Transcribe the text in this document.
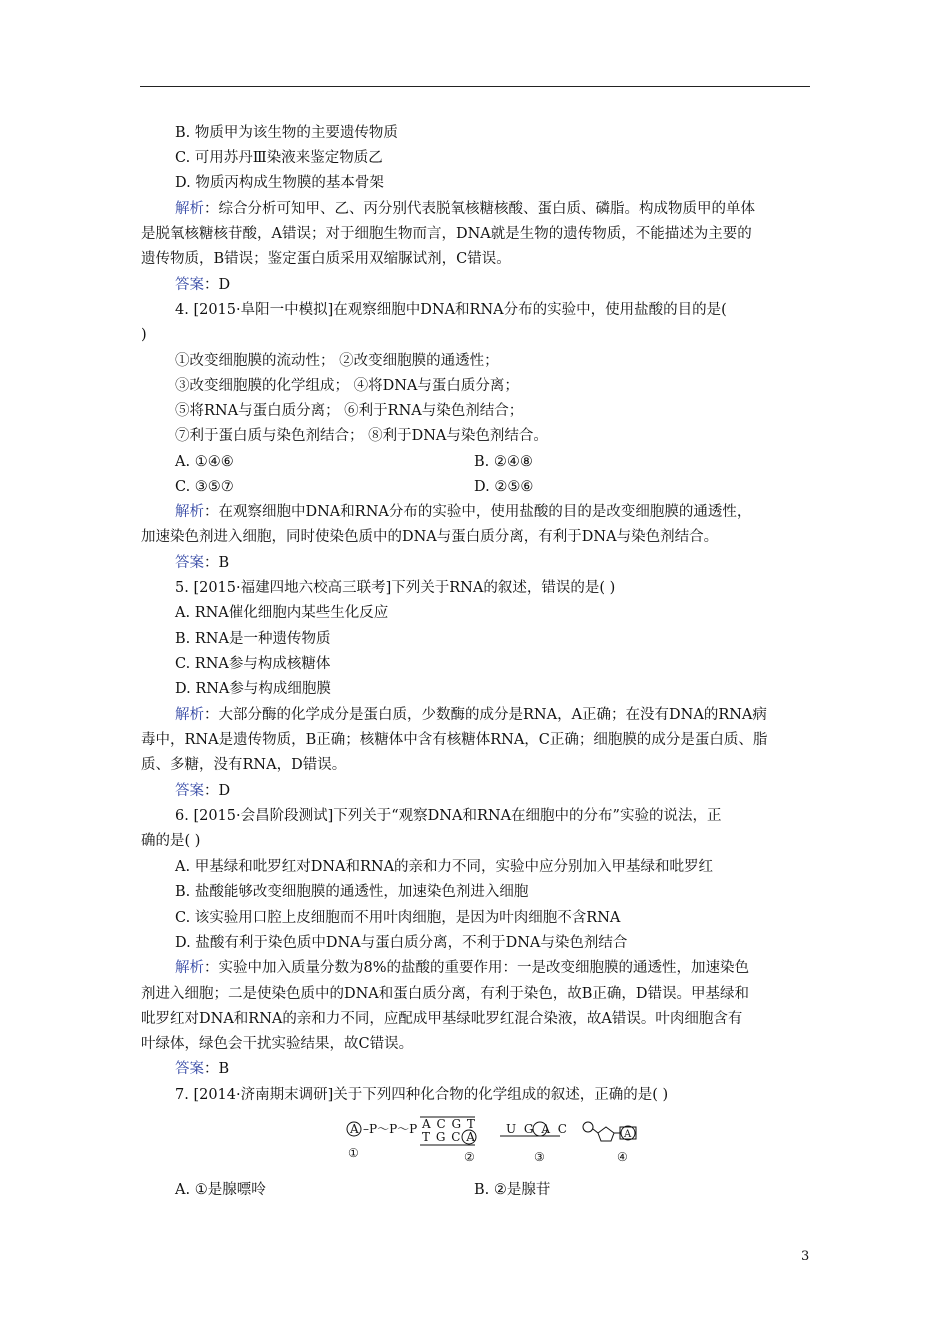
B. 物质甲为该生物的主要遗传物质
C. 可用苏丹Ⅲ染液来鉴定物质乙
D. 物质丙构成生物膜的基本骨架
解析：综合分析可知甲、乙、丙分别代表脱氧核糖核酸、蛋白质、磷脂。构成物质甲的单体
是脱氧核糖核苷酸，A错误；对于细胞生物而言，DNA就是生物的遗传物质，不能描述为主要的
遗传物质，B错误；鉴定蛋白质采用双缩脲试剂，C错误。
答案：D
4. [2015·阜阳一中模拟]在观察细胞中DNA和RNA分布的实验中，使用盐酸的目的是(
)
①改变细胞膜的流动性； ②改变细胞膜的通透性；
③改变细胞膜的化学组成； ④将DNA与蛋白质分离；
⑤将RNA与蛋白质分离； ⑥利于RNA与染色剂结合；
⑦利于蛋白质与染色剂结合； ⑧利于DNA与染色剂结合。
A. ①④⑥	B. ②④⑧
C. ③⑤⑦	D. ②⑤⑥
解析：在观察细胞中DNA和RNA分布的实验中，使用盐酸的目的是改变细胞膜的通透性，
加速染色剂进入细胞，同时使染色质中的DNA与蛋白质分离，有利于DNA与染色剂结合。
答案：B
5. [2015·福建四地六校高三联考]下列关于RNA的叙述，错误的是( )
A. RNA催化细胞内某些生化反应
B. RNA是一种遗传物质
C. RNA参与构成核糖体
D. RNA参与构成细胞膜
解析：大部分酶的化学成分是蛋白质，少数酶的成分是RNA，A正确；在没有DNA的RNA病
毒中，RNA是遗传物质，B正确；核糖体中含有核糖体RNA，C正确；细胞膜的成分是蛋白质、脂
质、多糖，没有RNA，D错误。
答案：D
6. [2015·会昌阶段测试]下列关于“观察DNA和RNA在细胞中的分布”实验的说法，正
确的是( )
A. 甲基绿和吡罗红对DNA和RNA的亲和力不同，实验中应分别加入甲基绿和吡罗红
B. 盐酸能够改变细胞膜的通透性，加速染色剂进入细胞
C. 该实验用口腔上皮细胞而不用叶肉细胞，是因为叶肉细胞不含RNA
D. 盐酸有利于染色质中DNA与蛋白质分离，不利于DNA与染色剂结合
解析：实验中加入质量分数为8%的盐酸的重要作用：一是改变细胞膜的通透性，加速染色
剂进入细胞；二是使染色质中的DNA和蛋白质分离，有利于染色，故B正确，D错误。甲基绿和
吡罗红对DNA和RNA的亲和力不同，应配成甲基绿吡罗红混合染液，故A错误。叶肉细胞含有
叶绿体，绿色会干扰实验结果，故C错误。
答案：B
7. [2014·济南期末调研]关于下列四种化合物的化学组成的叙述，正确的是( )
A. ①是腺嘌呤	B. ②是腺苷
A –P～P～P
①
A C G T
T G C A
②
U G A C
③
A
④
3
